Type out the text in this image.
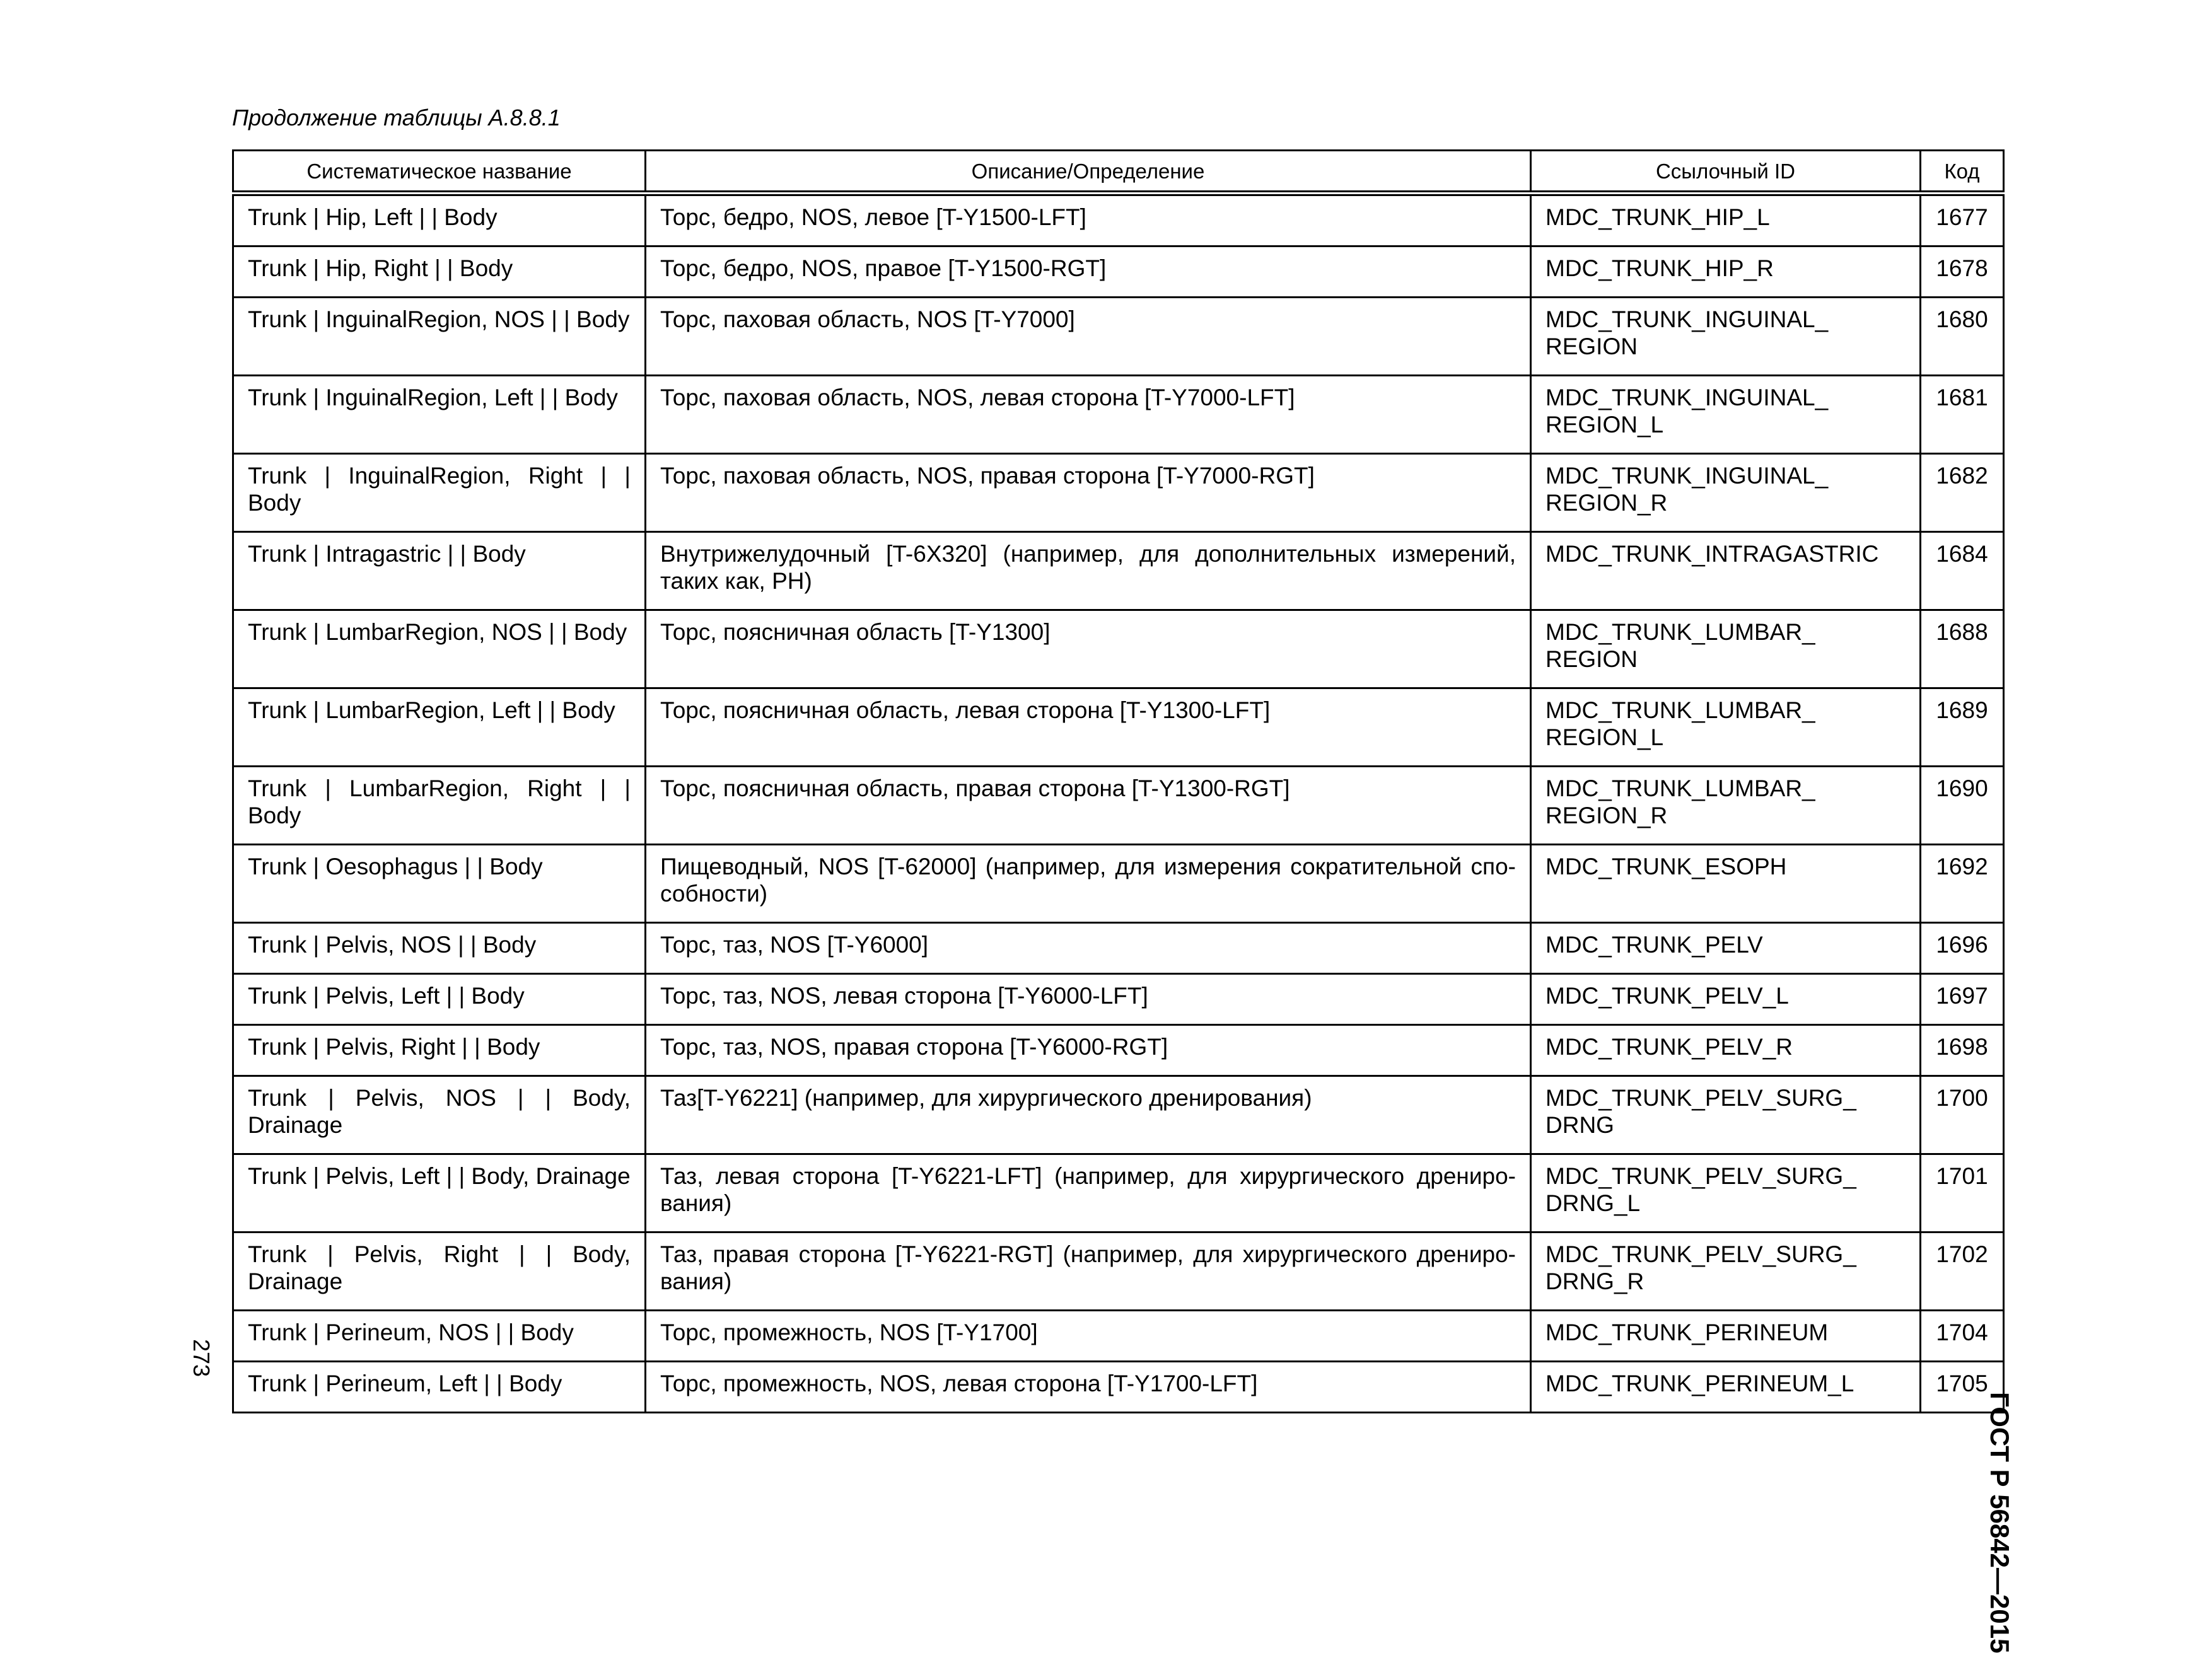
Продолжение таблицы А.8.8.1
Систематическое название	Описание/Определение	Ссылочный ID	Код
Trunk | Hip, Left | | Body	Торс, бедро, NOS, левое [T-Y1500-LFT]	MDC_TRUNK_HIP_L	1677
Trunk | Hip, Right | | Body	Торс, бедро, NOS, правое [T-Y1500-RGT]	MDC_TRUNK_HIP_R	1678
Trunk | InguinalRegion, NOS | | Body	Торс, паховая область, NOS [T-Y7000]	MDC_TRUNK_INGUINAL_ REGION	1680
Trunk | InguinalRegion, Left | | Body	Торс, паховая область, NOS, левая сторона [T-Y7000-LFT]	MDC_TRUNK_INGUINAL_ REGION_L	1681
Trunk | InguinalRegion, Right | | Body	Торс, паховая область, NOS, правая сторона [T-Y7000-RGT]	MDC_TRUNK_INGUINAL_ REGION_R	1682
Trunk | Intragastric | | Body	Внутрижелудочный [T-6X320] (например, для дополнительных измерений, таких как, PH)	MDC_TRUNK_INTRAGASTRIC	1684
Trunk | LumbarRegion, NOS | | Body	Торс, поясничная область [T-Y1300]	MDC_TRUNK_LUMBAR_ REGION	1688
Trunk | LumbarRegion, Left | | Body	Торс, поясничная область, левая сторона [T-Y1300-LFT]	MDC_TRUNK_LUMBAR_ REGION_L	1689
Trunk | LumbarRegion, Right | | Body	Торс, поясничная область, правая сторона [T-Y1300-RGT]	MDC_TRUNK_LUMBAR_ REGION_R	1690
Trunk | Oesophagus | | Body	Пищеводный, NOS [T-62000] (например, для измерения сократительной спо-собности)	MDC_TRUNK_ESOPH	1692
Trunk | Pelvis, NOS | | Body	Торс, таз, NOS [T-Y6000]	MDC_TRUNK_PELV	1696
Trunk | Pelvis, Left | | Body	Торс, таз, NOS, левая сторона [T-Y6000-LFT]	MDC_TRUNK_PELV_L	1697
Trunk | Pelvis, Right | | Body	Торс, таз, NOS, правая сторона [T-Y6000-RGT]	MDC_TRUNK_PELV_R	1698
Trunk | Pelvis, NOS | | Body, Drainage	Таз[T-Y6221] (например, для хирургического дренирования)	MDC_TRUNK_PELV_SURG_ DRNG	1700
Trunk | Pelvis, Left | | Body, Drainage	Таз, левая сторона [T-Y6221-LFT] (например, для хирургического дрениро-вания)	MDC_TRUNK_PELV_SURG_ DRNG_L	1701
Trunk | Pelvis, Right | | Body, Drainage	Таз, правая сторона [T-Y6221-RGT] (например, для хирургического дрениро-вания)	MDC_TRUNK_PELV_SURG_ DRNG_R	1702
Trunk | Perineum, NOS | | Body	Торс, промежность, NOS [T-Y1700]	MDC_TRUNK_PERINEUM	1704
Trunk | Perineum, Left | | Body	Торс, промежность, NOS, левая сторона [T-Y1700-LFT]	MDC_TRUNK_PERINEUM_L	1705
ГОСТ Р 56842—2015
273
